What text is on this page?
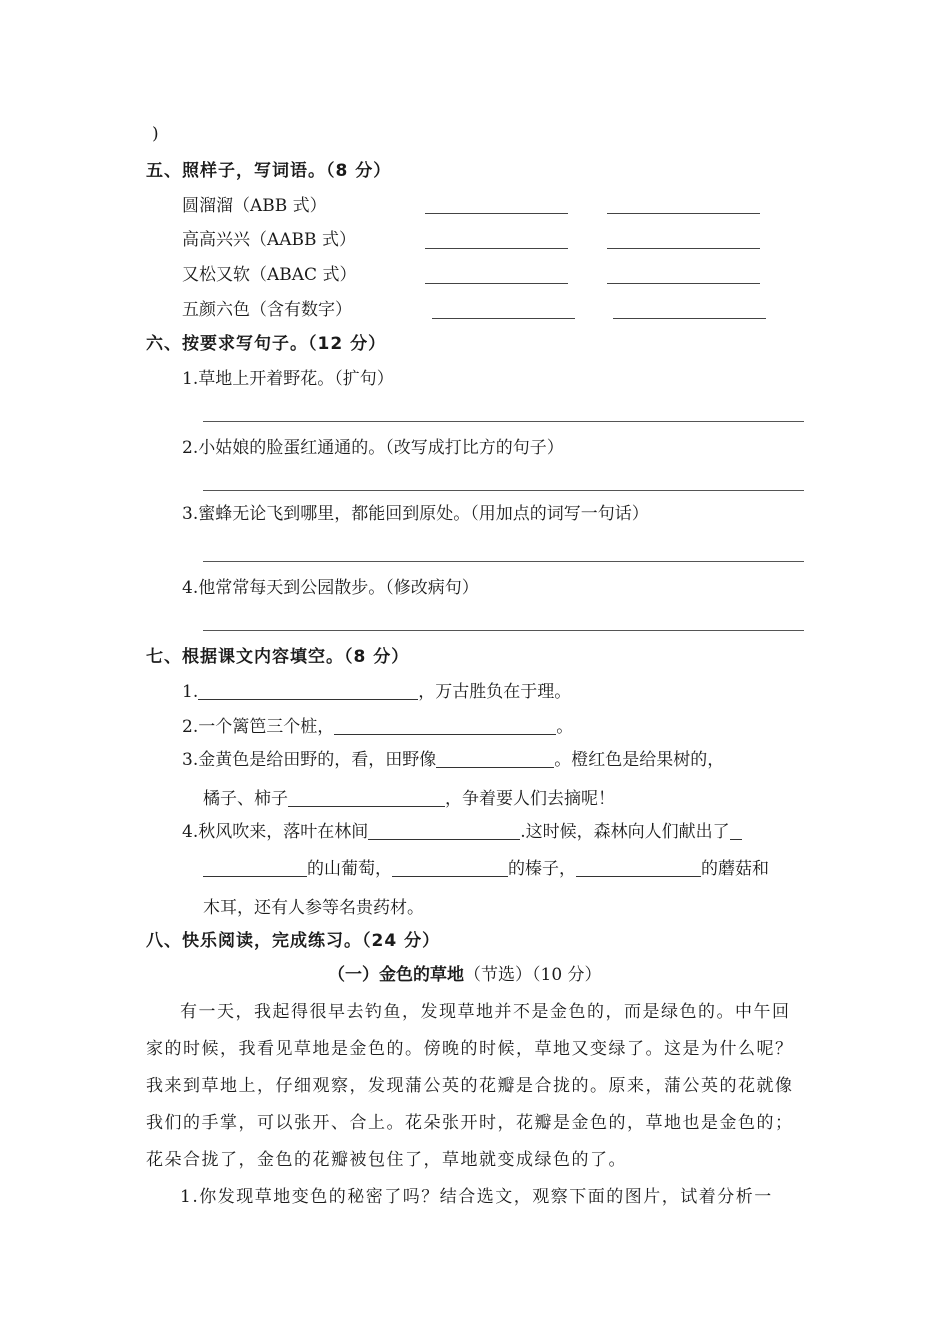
)
五、照样子，写词语。（8 分）
圆溜溜（ABB 式）
高高兴兴（AABB 式）
又松又软（ABAC 式）
五颜六色（含有数字）
六、按要求写句子。（12 分）
1.草地上开着野花。（扩句）
2.小姑娘的脸蛋红通通的。（改写成打比方的句子）
3.蜜蜂无论飞到哪里，都能回到原处。（用加点的词写一句话）
4.他常常每天到公园散步。（修改病句）
七、根据课文内容填空。（8 分）
1.	，万古胜负在于理。
2.一个篱笆三个桩，	。
3.金黄色是给田野的，看，田野像	。橙红色是给果树的，
橘子、柿子	，争着要人们去摘呢！
4.秋风吹来，落叶在林间	.这时候，森林向人们献出了
的山葡萄，	的榛子，	的蘑菇和
木耳，还有人参等名贵药材。
八、快乐阅读，完成练习。（24 分）
（一）金色的草地（节选）（10 分）

有一天，我起得很早去钓鱼，发现草地并不是金色的，而是绿色的。中午回

家的时候，我看见草地是金色的。傍晚的时候，草地又变绿了。这是为什么呢？

我来到草地上，仔细观察，发现蒲公英的花瓣是合拢的。原来，蒲公英的花就像

我们的手掌，可以张开、合上。花朵张开时，花瓣是金色的，草地也是金色的；

花朵合拢了，金色的花瓣被包住了，草地就变成绿色的了。

1.你发现草地变色的秘密了吗？结合选文，观察下面的图片，试着分析一
